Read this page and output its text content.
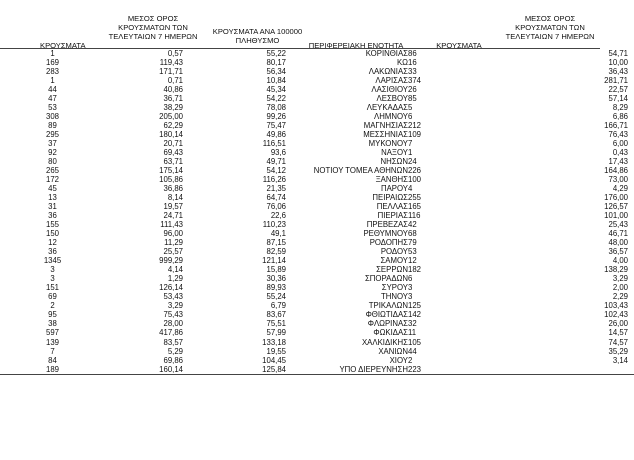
ΚΡΟΥΣΜΑΤΑ
ΜΕΣΟΣ ΟΡΟΣ
ΚΡΟΥΣΜΑΤΩΝ ΤΩΝ
ΤΕΛΕΥΤΑΙΩΝ 7 ΗΜΕΡΩΝ
ΚΡΟΥΣΜΑΤΑ ΑΝΑ 100000
ΠΛΗΘΥΣΜΟ
ΠΕΡΙΦΕΡΕΙΑΚΗ ΕΝΟΤΗΤΑ	ΚΡΟΥΣΜΑΤΑ
ΜΕΣΟΣ ΟΡΟΣ
ΚΡΟΥΣΜΑΤΩΝ ΤΩΝ
ΤΕΛΕΥΤΑΙΩΝ 7 ΗΜΕΡΩΝ
1	0,57	55,22	ΚΟΡΙΝΘΙΑΣ	86	54,71
169	119,43	80,17	ΚΩ	16	10,00
283	171,71	56,34	ΛΑΚΩΝΙΑΣ	33	36,43
1	0,71	10,84	ΛΑΡΙΣΑΣ	374	281,71
44	40,86	45,34	ΛΑΣΙΘΙΟΥ	26	22,57
47	36,71	54,22	ΛΕΣΒΟΥ	85	57,14
53	38,29	78,08	ΛΕΥΚΑΔΑΣ	5	8,29
308	205,00	99,26	ΛΗΜΝΟΥ	6	6,86
89	62,29	75,47	ΜΑΓΝΗΣΙΑΣ	212	166,71
295	180,14	49,86	ΜΕΣΣΗΝΙΑΣ	109	76,43
37	20,71	116,51	ΜΥΚΟΝΟΥ	7	6,00
92	69,43	93,6	ΝΑΞΟΥ	1	0,43
80	63,71	49,71	ΝΗΣΩΝ	24	17,43
265	175,14	54,12	ΝΟΤΙΟΥ ΤΟΜΕΑ ΑΘΗΝΩΝ	226	164,86
172	105,86	116,26	ΞΑΝΘΗΣ	100	73,00
45	36,86	21,35	ΠΑΡΟΥ	4	4,29
13	8,14	64,74	ΠΕΙΡΑΙΩΣ	255	176,00
31	19,57	76,06	ΠΕΛΛΑΣ	165	126,57
36	24,71	22,6	ΠΙΕΡΙΑΣ	116	101,00
155	111,43	110,23	ΠΡΕΒΕΖΑΣ	42	25,43
150	96,00	49,1	ΡΕΘΥΜΝΟΥ	68	46,71
12	11,29	87,15	ΡΟΔΟΠΗΣ	79	48,00
36	25,57	82,59	ΡΟΔΟΥ	53	36,57
1345	999,29	121,14	ΣΑΜΟΥ	12	4,00
3	4,14	15,89	ΣΕΡΡΩΝ	182	138,29
3	1,29	30,36	ΣΠΟΡΑΔΩΝ	6	3,29
151	126,14	89,93	ΣΥΡΟΥ	3	2,00
69	53,43	55,24	ΤΗΝΟΥ	3	2,29
2	3,29	6,79	ΤΡΙΚΑΛΩΝ	125	103,43
95	75,43	83,67	ΦΘΙΩΤΙΔΑΣ	142	102,43
38	28,00	75,51	ΦΛΩΡΙΝΑΣ	32	26,00
597	417,86	57,99	ΦΩΚΙΔΑΣ	11	14,57
139	83,57	133,18	ΧΑΛΚΙΔΙΚΗΣ	105	74,57
7	5,29	19,55	ΧΑΝΙΩΝ	44	35,29
84	69,86	104,45	ΧΙΟΥ	2	3,14
189	160,14	125,84	ΥΠΟ ΔΙΕΡΕΥΝΗΣΗ	223	
